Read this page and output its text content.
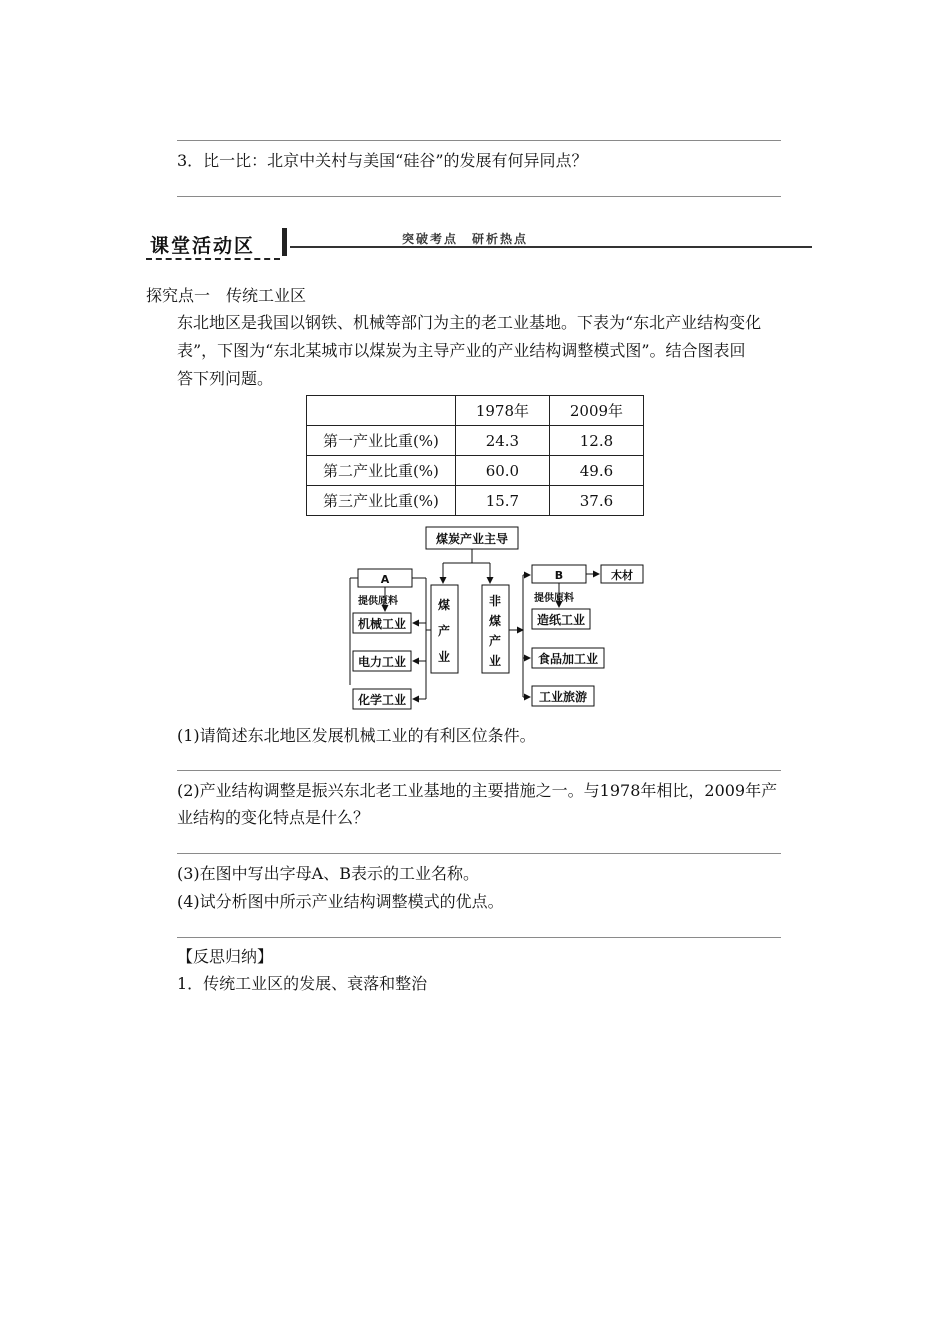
3．比一比：北京中关村与美国“硅谷”的发展有何异同点？
课堂活动区	突破考点　研析热点
探究点一　传统工业区
东北地区是我国以钢铁、机械等部门为主的老工业基地。下表为“东北产业结构变化
表”，下图为“东北某城市以煤炭为主导产业的产业结构调整模式图”。结合图表回
答下列问题。
	1978年	2009年
第一产业比重(%)	24.3	12.8
第二产业比重(%)	60.0	49.6
第三产业比重(%)	15.7	37.6
煤炭产业主导
A	B	木材
提供原料	提供原料
煤
产
业
非
煤
产
业
机械工业
电力工业
化学工业
造纸工业
食品加工业
工业旅游
(1)请简述东北地区发展机械工业的有利区位条件。
(2)产业结构调整是振兴东北老工业基地的主要措施之一。与1978年相比，2009年产
业结构的变化特点是什么？
(3)在图中写出字母A、B表示的工业名称。
(4)试分析图中所示产业结构调整模式的优点。
【反思归纳】
1．传统工业区的发展、衰落和整治
